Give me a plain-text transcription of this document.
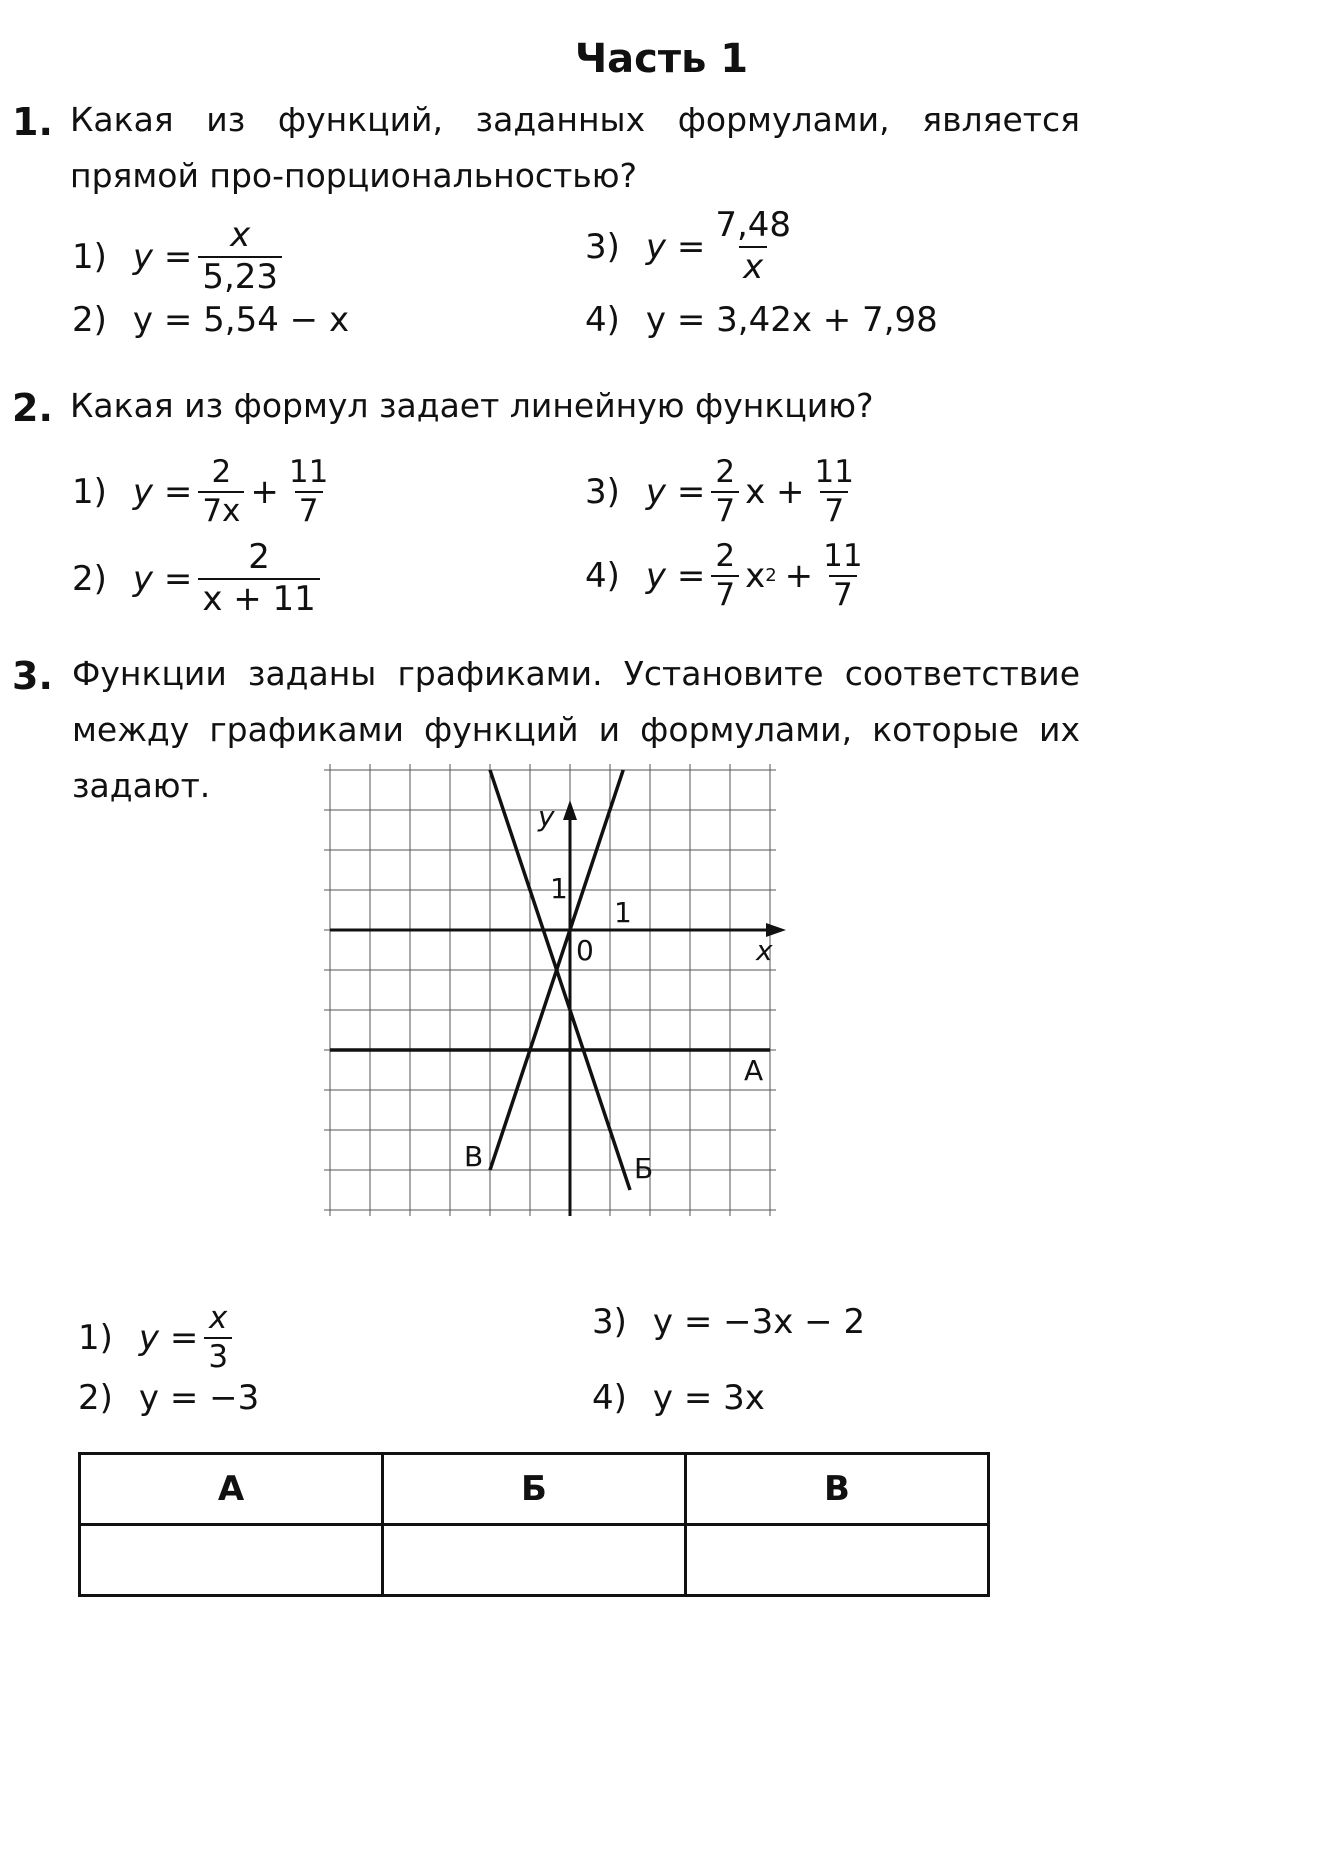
Часть 1
1. Какая из функций, заданных формулами, является прямой про-порциональностью?
1) $y = \frac{x}{5,23}$
2) y = 5,54 − x
3) $y = \frac{7,48}{x}$
4) y = 3,42x + 7,98
2. Какая из формул задает линейную функцию?
1) $y = \frac{2}{7x} + \frac{11}{7}$
2) $y = \frac{2}{x + 11}$
3) $y = \frac{2}{7}$ $x + \frac{11}{7}$
4) $y = \frac{2}{7}$ x $2 + \frac{11}{7}$
3. Функции заданы графиками. Установите соответствие между графиками функций и формулами, которые их задают.
y
x
1
1
0
А
Б
В
1) $y = \frac{x}{3}$
2) y = −3
3) y = −3x − 2
4) y = 3x
А	Б	В
